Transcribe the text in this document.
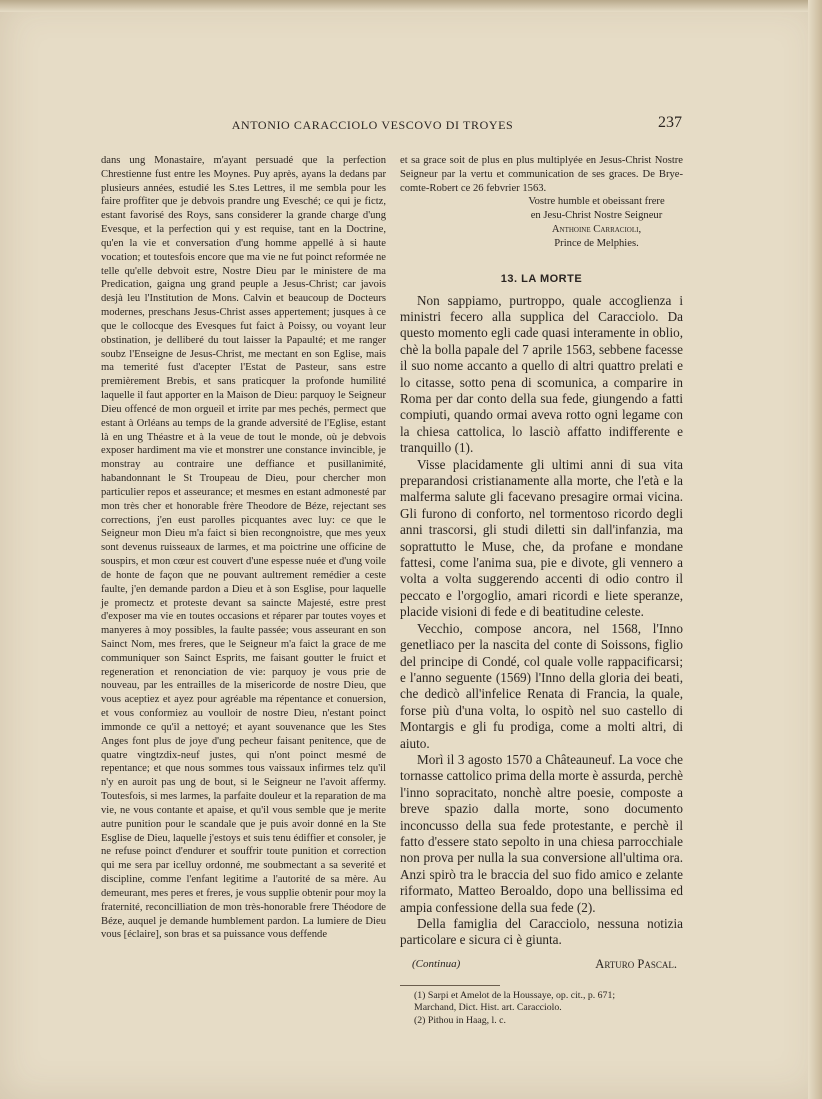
ANTONIO CARACCIOLO VESCOVO DI TROYES	237

dans ung Monastaire, m'ayant persuadé que la perfection Chrestienne fust entre les Moynes. Puy après, ayans la dedans par plusieurs années, estudié les S.tes Lettres, il me sembla pour les faire proffiter que je debvois prandre ung Evesché; ce qui je fictz, estant favorisé des Roys, sans considerer la grande charge d'ung Evesque, et la perfection qui y est requise, tant en la Doctrine, qu'en la vie et conversation d'ung homme appellé à si haute vocation; et toutesfois encore que ma vie ne fut poinct reformée ne telle qu'elle debvoit estre, Nostre Dieu par le ministere de ma Predication, gaigna ung grand peuple a Jesus-Christ; car javois desjà leu l'Institution de Mons. Calvin et beaucoup de Docteurs modernes, preschans Jesus-Christ asses appertement; jusques à ce que le collocque des Evesques fut faict à Poissy, ou voyant leur obstination, je delliberé du tout laisser la Papaulté; et me ranger soubz l'Enseigne de Jesus-Christ, me mectant en son Eglise, mais ma temerité fust d'acepter l'Estat de Pasteur, sans estre premièrement Brebis, et sans praticquer la profonde humilité laquelle il faut apporter en la Maison de Dieu: parquoy le Seigneur Dieu offencé de mon orgueil et irrite par mes pechés, permect que estant à Orléans au temps de la grande adversité de l'Eglise, estant là en ung Théastre et à la veue de tout le monde, où je debvois exposer hardiment ma vie et monstrer une constance invincible, je monstray au contraire une deffiance et pusillanimité, habandonnant le St Troupeau de Dieu, pour chercher mon particulier repos et asseurance; et mesmes en estant admonesté par mon très cher et honorable frère Theodore de Béze, rejectant ses corrections, j'en eust parolles picquantes avec luy: ce que le Seigneur mon Dieu m'a faict si bien recongnoistre, que mes yeux sont devenus ruisseaux de larmes, et ma poictrine une officine de souspirs, et mon cœur est couvert d'une espesse nuée et d'ung voile de honte de façon que ne pouvant aultrement remédier a ceste faulte, j'en demande pardon a Dieu et à son Esglise, pour laquelle je promectz et proteste devant sa saincte Majesté, estre prest d'exposer ma vie en toutes occasions et réparer par toutes voyes et manyeres à moy possibles, la faulte passée; vous asseurant en son Sainct Nom, mes freres, que le Seigneur m'a faict la grace de me communiquer son Sainct Esprits, me faisant goutter le fruict et regeneration et renonciation de vie: parquoy je vous prie de nouveau, par les entrailles de la misericorde de nostre Dieu, que vous aceptiez et ayez pour agréable ma répentance et conuersion, et vous conformiez au voulloir de nostre Dieu, n'estant poinct immonde ce qu'il a nettoyé; et ayant souvenance que les Stes Anges font plus de joye d'ung pecheur faisant penitence, que de quatre vingtzdix-neuf justes, qui n'ont poinct mesmé de repentance; et que nous sommes tous vaissaux infirmes telz qu'il n'y en auroit pas ung de bout, si le Seigneur ne l'avoit affermy. Toutesfois, si mes larmes, la parfaite douleur et la reparation de ma vie, ne vous contante et apaise, et qu'il vous semble que je merite autre punition pour le scandale que je puis avoir donné en la Ste Esglise de Dieu, laquelle j'estoys et suis tenu édiffier et consoler, je ne refuse poinct d'endurer et souffrir toute punition et correction qui me sera par icelluy ordonné, me soubmectant a sa severité et discipline, comme l'enfant legitime a l'autorité de sa mère. Au demeurant, mes peres et freres, je vous supplie obtenir pour moy la fraternité, reconcilliation de mon très-honorable frere Théodore de Béze, auquel je demande humblement pardon. La lumiere de Dieu vous [éclaire], son bras et sa puissance vous deffende

et sa grace soit de plus en plus multiplyée en Jesus-Christ Nostre Seigneur par la vertu et communication de ses graces. De Brye-comte-Robert ce 26 febvrier 1563.

Vostre humble et obeissant frere

en Jesu-Christ Nostre Seigneur

Anthoine Carracioli,

Prince de Melphies.

13. LA MORTE

Non sappiamo, purtroppo, quale accoglienza i ministri fecero alla supplica del Caracciolo. Da questo momento egli cade quasi interamente in oblio, chè la bolla papale del 7 aprile 1563, sebbene facesse il suo nome accanto a quello di altri quattro prelati e lo citasse, sotto pena di scomunica, a comparire in Roma per dar conto della sua fede, giungendo a fatti compiuti, quando ormai aveva rotto ogni legame con la chiesa cattolica, lo lasciò affatto indifferente e tranquillo (1).

Visse placidamente gli ultimi anni di sua vita preparandosi cristianamente alla morte, che l'età e la malferma salute gli facevano presagire ormai vicina. Gli furono di conforto, nel tormentoso ricordo degli anni trascorsi, gli studi diletti sin dall'infanzia, ma soprattutto le Muse, che, da profane e mondane fattesi, come l'anima sua, pie e divote, gli vennero a volta a volta suggerendo accenti di odio contro il peccato e l'orgoglio, amari ricordi e liete speranze, placide visioni di fede e di beatitudine celeste.

Vecchio, compose ancora, nel 1568, l'Inno genetliaco per la nascita del conte di Soissons, figlio del principe di Condé, col quale volle rappacificarsi; e l'anno seguente (1569) l'Inno della gloria dei beati, che dedicò all'infelice Renata di Francia, la quale, forse più d'una volta, lo ospitò nel suo castello di Montargis e gli fu prodiga, come a molti altri, di aiuto.

Morì il 3 agosto 1570 a Châteauneuf. La voce che tornasse cattolico prima della morte è assurda, perchè l'inno sopracitato, nonchè altre poesie, composte a breve spazio dalla morte, sono documento inconcusso della sua fede protestante, e perchè il fatto d'essere stato sepolto in una chiesa parrocchiale non prova per nulla la sua conversione all'ultima ora. Anzi spirò tra le braccia del suo fido amico e zelante riformato, Matteo Beroaldo, dopo una bellissima ed ampia confessione della sua fede (2).

Della famiglia del Caracciolo, nessuna notizia particolare e sicura ci è giunta.

(Continua)	Arturo Pascal.

(1) Sarpi et Amelot de la Houssaye, op. cit., p. 671;

Marchand, Dict. Hist. art. Caracciolo.

(2) Pithou in Haag, l. c.
